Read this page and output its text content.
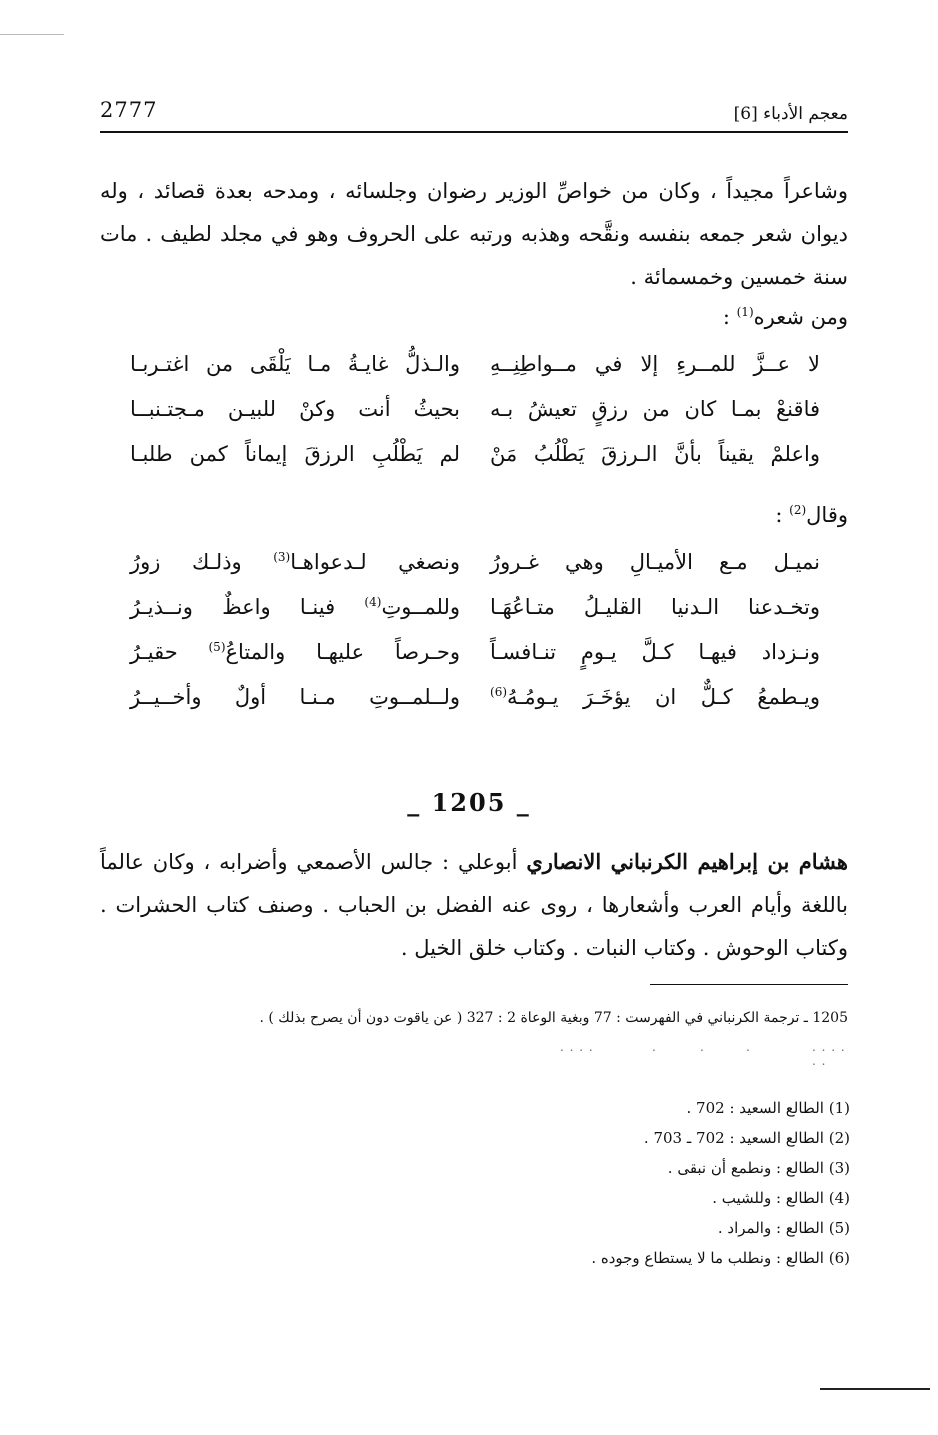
2777	معجم الأدباء [6]

وشاعراً مجيداً ، وكان من خواصِّ الوزير رضوان وجلسائه ، ومدحه بعدة قصائد ، وله ديوان شعر جمعه بنفسه ونقَّحه وهذبه ورتبه على الحروف وهو في مجلد لطيف . مات سنة خمسين وخمسمائة .

ومن شعره$^{(1)}$ :
لا عــزَّ للمــرءِ إلا في مــواطِنِــهِ
والـذلُّ غايـةُ مـا يَلْقَى من اغتـربـا
فاقنعْ بمـا كان من رزقٍ تعيشُ بـه
بحيثُ أنت وكنْ للبيـن مـجتـنبــا
واعلمْ يقيناً بأنَّ الـرزقَ يَطْلُبُ مَنْ
لم يَطْلُبِ الرزقَ إيماناً كمن طلبـا
وقال$^{(2)}$ :
نميـل مـع الأميـالِ وهي غـرورُ
ونصغي لـدعواهـا$^{(3)}$ وذلـك زورُ
وتخـدعنا الـدنيا القليـلُ متـاعُهَـا
وللمــوتِ$^{(4)}$ فينـا واعظٌ ونــذيـرُ
ونـزداد فيهـا كـلَّ يـومٍ تنـافسـاً
وحـرصاً عليهـا والمتاعُ$^{(5)}$ حقيـرُ
ويـطمعُ كـلٌّ ان يؤخَـرَ يـومُـهُ$^{(6)}$
ولــلمــوتِ مـنـا أولٌ وأخــيــرُ
_ 1205 _

هشام بن إبراهيم الكرنباني الانصاري أبوعلي : جالس الأصمعي وأضرابه ، وكان عالماً باللغة وأيام العرب وأشعارها ، روى عنه الفضل بن الحباب . وصنف كتاب الحشرات . وكتاب الوحوش . وكتاب النبات . وكتاب خلق الخيل .

1205 ـ ترجمة الكرنباني في الفهرست : 77 وبغية الوعاة 2 : 327 ( عن ياقوت دون أن يصرح بذلك ) .
. . . .	.	.	.	. . . . . .
(1) الطالع السعيد : 702 .
(2) الطالع السعيد : 702 ـ 703 .
(3) الطالع : ونطمع أن نبقى .
(4) الطالع : وللشيب .
(5) الطالع : والمراد .
(6) الطالع : ونطلب ما لا يستطاع وجوده .
